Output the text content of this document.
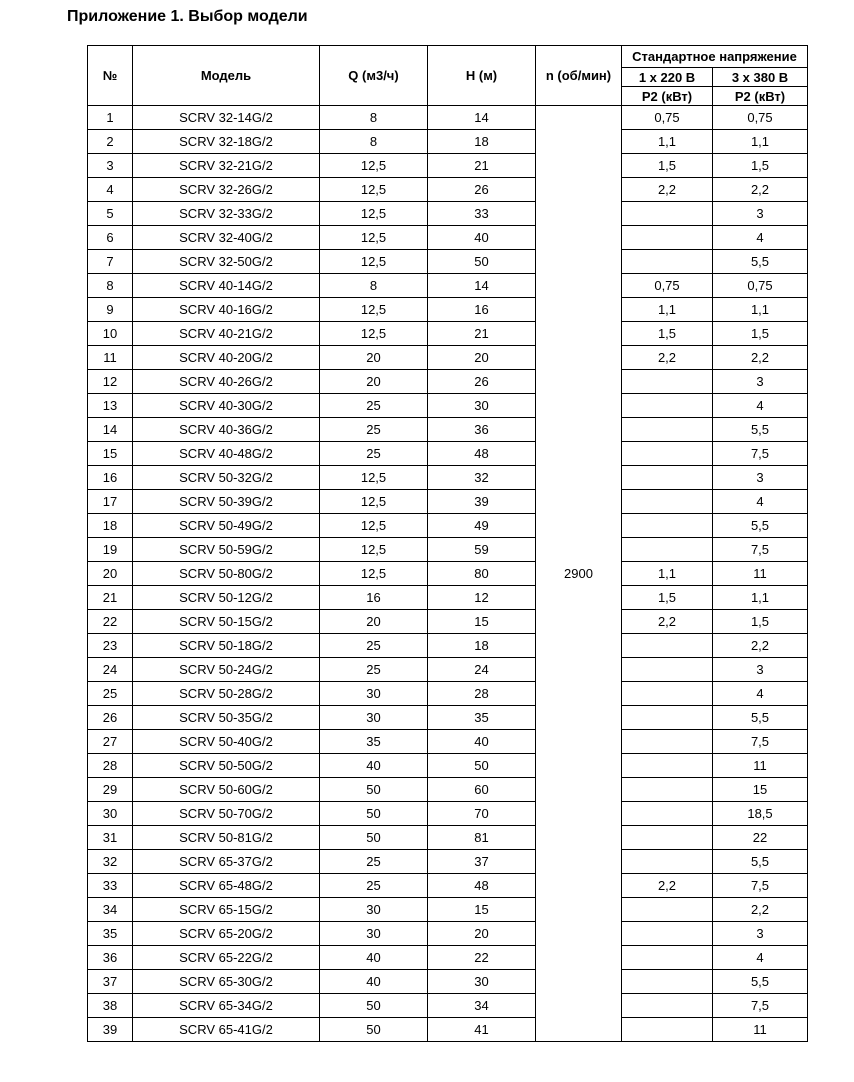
Приложение 1. Выбор модели
№	Модель	Q (м3/ч)	H (м)	n (об/мин)	Стандартное напряжение	
					1 x 220 В	3 x 380 В
					P2 (кВт)	P2 (кВт)
1	SCRV 32-14G/2	8	14	2900	0,75	0,75
2	SCRV 32-18G/2	8	18		1,1	1,1
3	SCRV 32-21G/2	12,5	21		1,5	1,5
4	SCRV 32-26G/2	12,5	26		2,2	2,2
5	SCRV 32-33G/2	12,5	33			3
6	SCRV 32-40G/2	12,5	40			4
7	SCRV 32-50G/2	12,5	50			5,5
8	SCRV 40-14G/2	8	14		0,75	0,75
9	SCRV 40-16G/2	12,5	16		1,1	1,1
10	SCRV 40-21G/2	12,5	21		1,5	1,5
11	SCRV 40-20G/2	20	20		2,2	2,2
12	SCRV 40-26G/2	20	26			3
13	SCRV 40-30G/2	25	30			4
14	SCRV 40-36G/2	25	36			5,5
15	SCRV 40-48G/2	25	48			7,5
16	SCRV 50-32G/2	12,5	32			3
17	SCRV 50-39G/2	12,5	39			4
18	SCRV 50-49G/2	12,5	49			5,5
19	SCRV 50-59G/2	12,5	59			7,5
20	SCRV 50-80G/2	12,5	80		1,1	11
21	SCRV 50-12G/2	16	12		1,5	1,1
22	SCRV 50-15G/2	20	15		2,2	1,5
23	SCRV 50-18G/2	25	18			2,2
24	SCRV 50-24G/2	25	24			3
25	SCRV 50-28G/2	30	28			4
26	SCRV 50-35G/2	30	35			5,5
27	SCRV 50-40G/2	35	40			7,5
28	SCRV 50-50G/2	40	50			11
29	SCRV 50-60G/2	50	60			15
30	SCRV 50-70G/2	50	70			18,5
31	SCRV 50-81G/2	50	81			22
32	SCRV 65-37G/2	25	37			5,5
33	SCRV 65-48G/2	25	48		2,2	7,5
34	SCRV 65-15G/2	30	15			2,2
35	SCRV 65-20G/2	30	20			3
36	SCRV 65-22G/2	40	22			4
37	SCRV 65-30G/2	40	30			5,5
38	SCRV 65-34G/2	50	34			7,5
39	SCRV 65-41G/2	50	41			11
